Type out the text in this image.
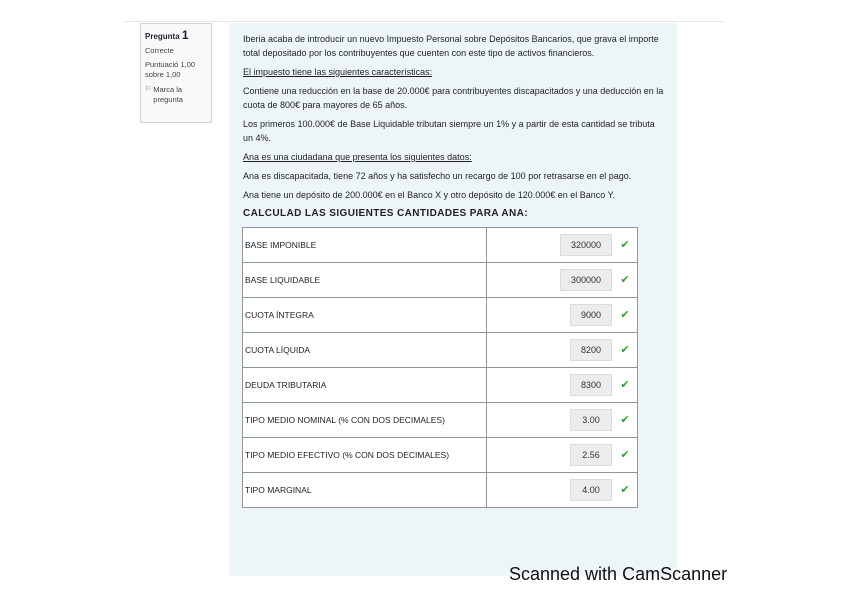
Pregunta 1
Correcte
Puntuació 1,00 sobre 1,00
⚐ Marca la pregunta

Iberia acaba de introducir un nuevo Impuesto Personal sobre Depósitos Bancarios, que grava el importe total depositado por los contribuyentes que cuenten con este tipo de activos financieros.

El impuesto tiene las siguientes características:

Contiene una reducción en la base de 20.000€ para contribuyentes discapacitados y una deducción en la cuota de 800€ para mayores de 65 años.

Los primeros 100.000€ de Base Liquidable tributan siempre un 1% y a partir de esta cantidad se tributa un 4%.

Ana es una ciudadana que presenta los siguientes datos:

Ana es discapacitada, tiene 72 años y ha satisfecho un recargo de 100 por retrasarse en el pago.

Ana tiene un depósito de 200.000€ en el Banco X y otro depósito de 120.000€ en el Banco Y.

CALCULAD LAS SIGUIENTES CANTIDADES PARA ANA:
BASE IMPONIBLE	320000 ✔
BASE LIQUIDABLE	300000 ✔
CUOTA ÍNTEGRA	9000 ✔
CUOTA LÍQUIDA	8200 ✔
DEUDA TRIBUTARIA	8300 ✔
TIPO MEDIO NOMINAL (% CON DOS DECIMALES)	3.00 ✔
TIPO MEDIO EFECTIVO (% CON DOS DECIMALES)	2.56 ✔
TIPO MARGINAL	4.00 ✔
Scanned with CamScanner
